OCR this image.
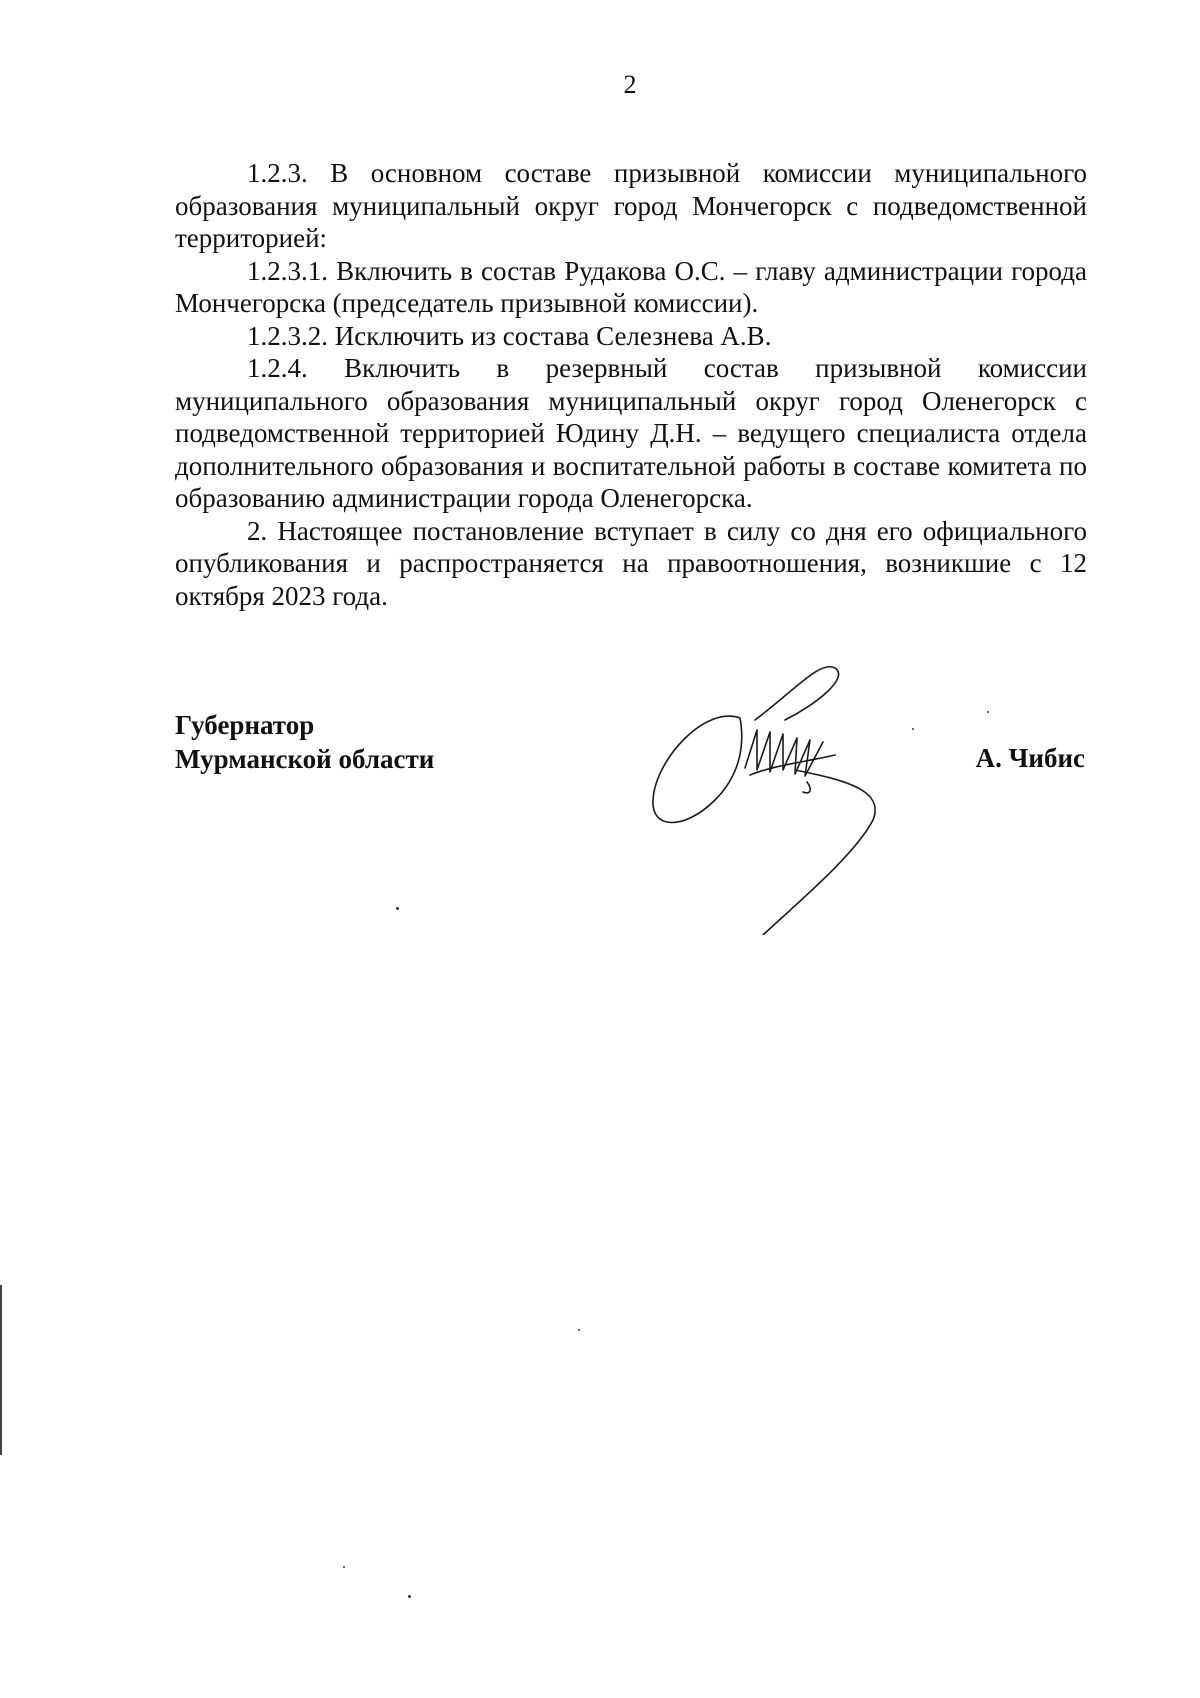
2

1.2.3. В основном составе призывной комиссии муниципального образования муниципальный округ город Мончегорск с подведомственной территорией:

1.2.3.1. Включить в состав Рудакова О.С. – главу администрации города Мончегорска (председатель призывной комиссии).

1.2.3.2. Исключить из состава Селезнева А.В.

1.2.4. Включить в резервный состав призывной комиссии муниципального образования муниципальный округ город Оленегорск с подведомственной территорией Юдину Д.Н. – ведущего специалиста отдела дополнительного образования и воспитательной работы в составе комитета по образованию администрации города Оленегорска.

2. Настоящее постановление вступает в силу со дня его официального опубликования и распространяется на правоотношения, возникшие с 12 октября 2023 года.

Губернатор
Мурманской области	А. Чибис
